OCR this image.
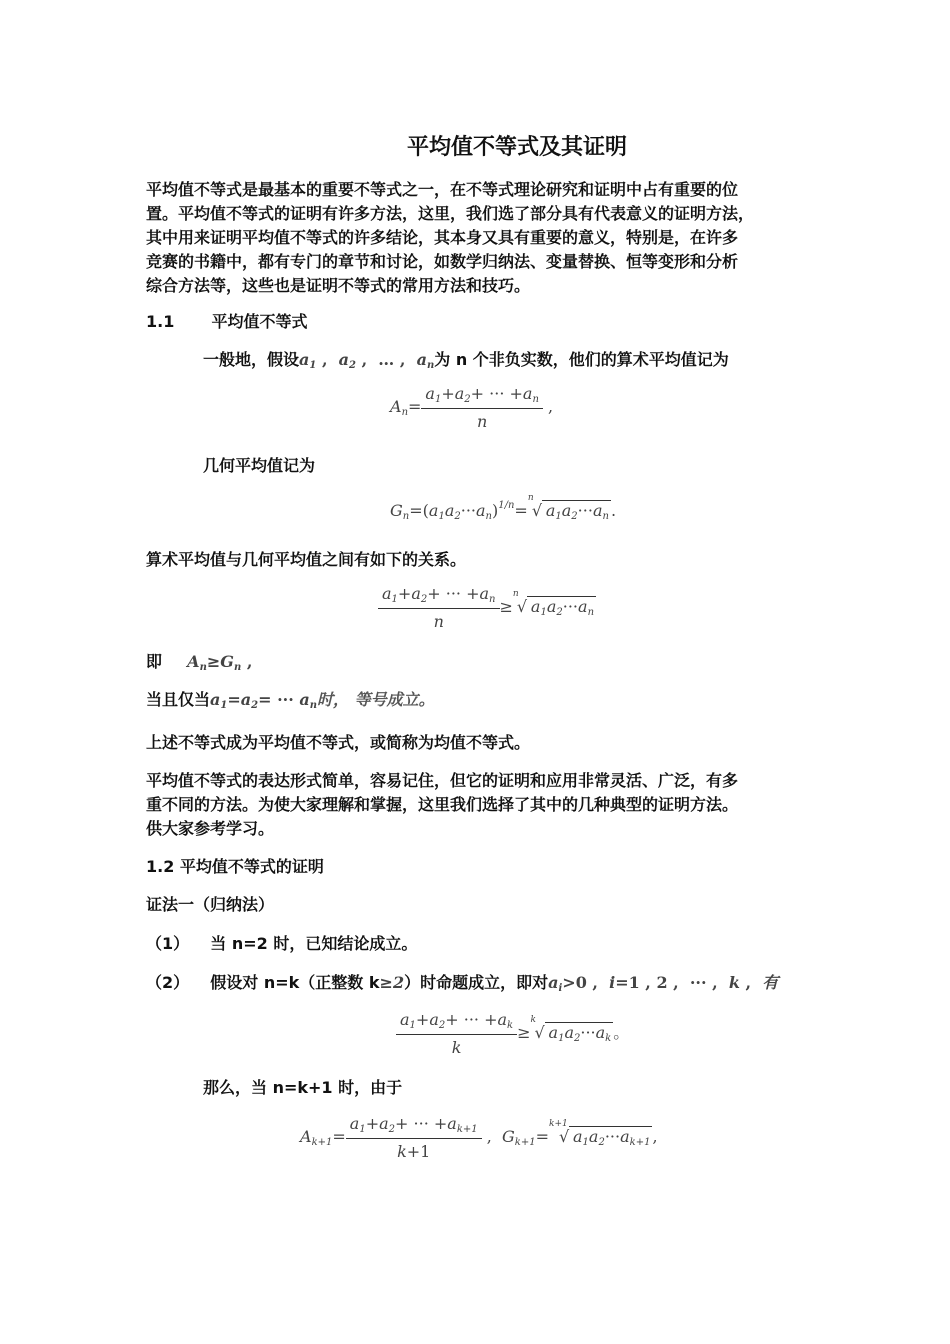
平均值不等式及其证明
平均值不等式是最基本的重要不等式之一，在不等式理论研究和证明中占有重要的位
置。平均值不等式的证明有许多方法，这里，我们选了部分具有代表意义的证明方法，
其中用来证明平均值不等式的许多结论，其本身又具有重要的意义，特别是，在许多
竞赛的书籍中，都有专门的章节和讨论，如数学归纳法、变量替换、恒等变形和分析
综合方法等，这些也是证明不等式的常用方法和技巧。
1.1 平均值不等式
一般地，假设$a_1$ ,  $a_2$ , … ,  $a_n$为 n 个非负实数，他们的算术平均值记为
$A_n= \frac{a_1+a_2+ \cdot\cdot\cdot +a_n}{n}$ ,
几何平均值记为
$G_n=(a_1a_2\cdot\cdot\cdot a_n)^{1/n}=$
n
√ $a_1a_2\cdot\cdot\cdot a_n$ .
算术平均值与几何平均值之间有如下的关系。
$\frac{a_1+a_2+ \cdot\cdot\cdot +a_n}{n}$ ≥
n
√ $a_1a_2\cdot\cdot\cdot a_n$
即 $A_n\ge G_n$ ,
当且仅当$a_1=a_2=$ ··· $a_n$时， 等号成立。
上述不等式成为平均值不等式，或简称为均值不等式。
平均值不等式的表达形式简单，容易记住，但它的证明和应用非常灵活、广泛，有多
重不同的方法。为使大家理解和掌握，这里我们选择了其中的几种典型的证明方法。
供大家参考学习。
1.2 平均值不等式的证明
证法一（归纳法）
（1） 当 n=2 时，已知结论成立。
（2） 假设对 n=k（正整数 k≥2）时命题成立，即对$a_i>0$ ,  i=1 , 2 ,  ··· ,  k ,  有
$\frac{a_1+a_2+ \cdot\cdot\cdot +a_k}{k}$ ≥
k
√ $a_1a_2\cdot\cdot\cdot a_k$ 。
那么，当 n=k+1 时，由于
$A_{k+1}= \frac{a_1+a_2+ \cdot\cdot\cdot +a_{k+1}}{k+1}$ ,  $G_{k+1}=$
k+1
√ $a_1a_2\cdot\cdot\cdot a_{k+1}$ ,
